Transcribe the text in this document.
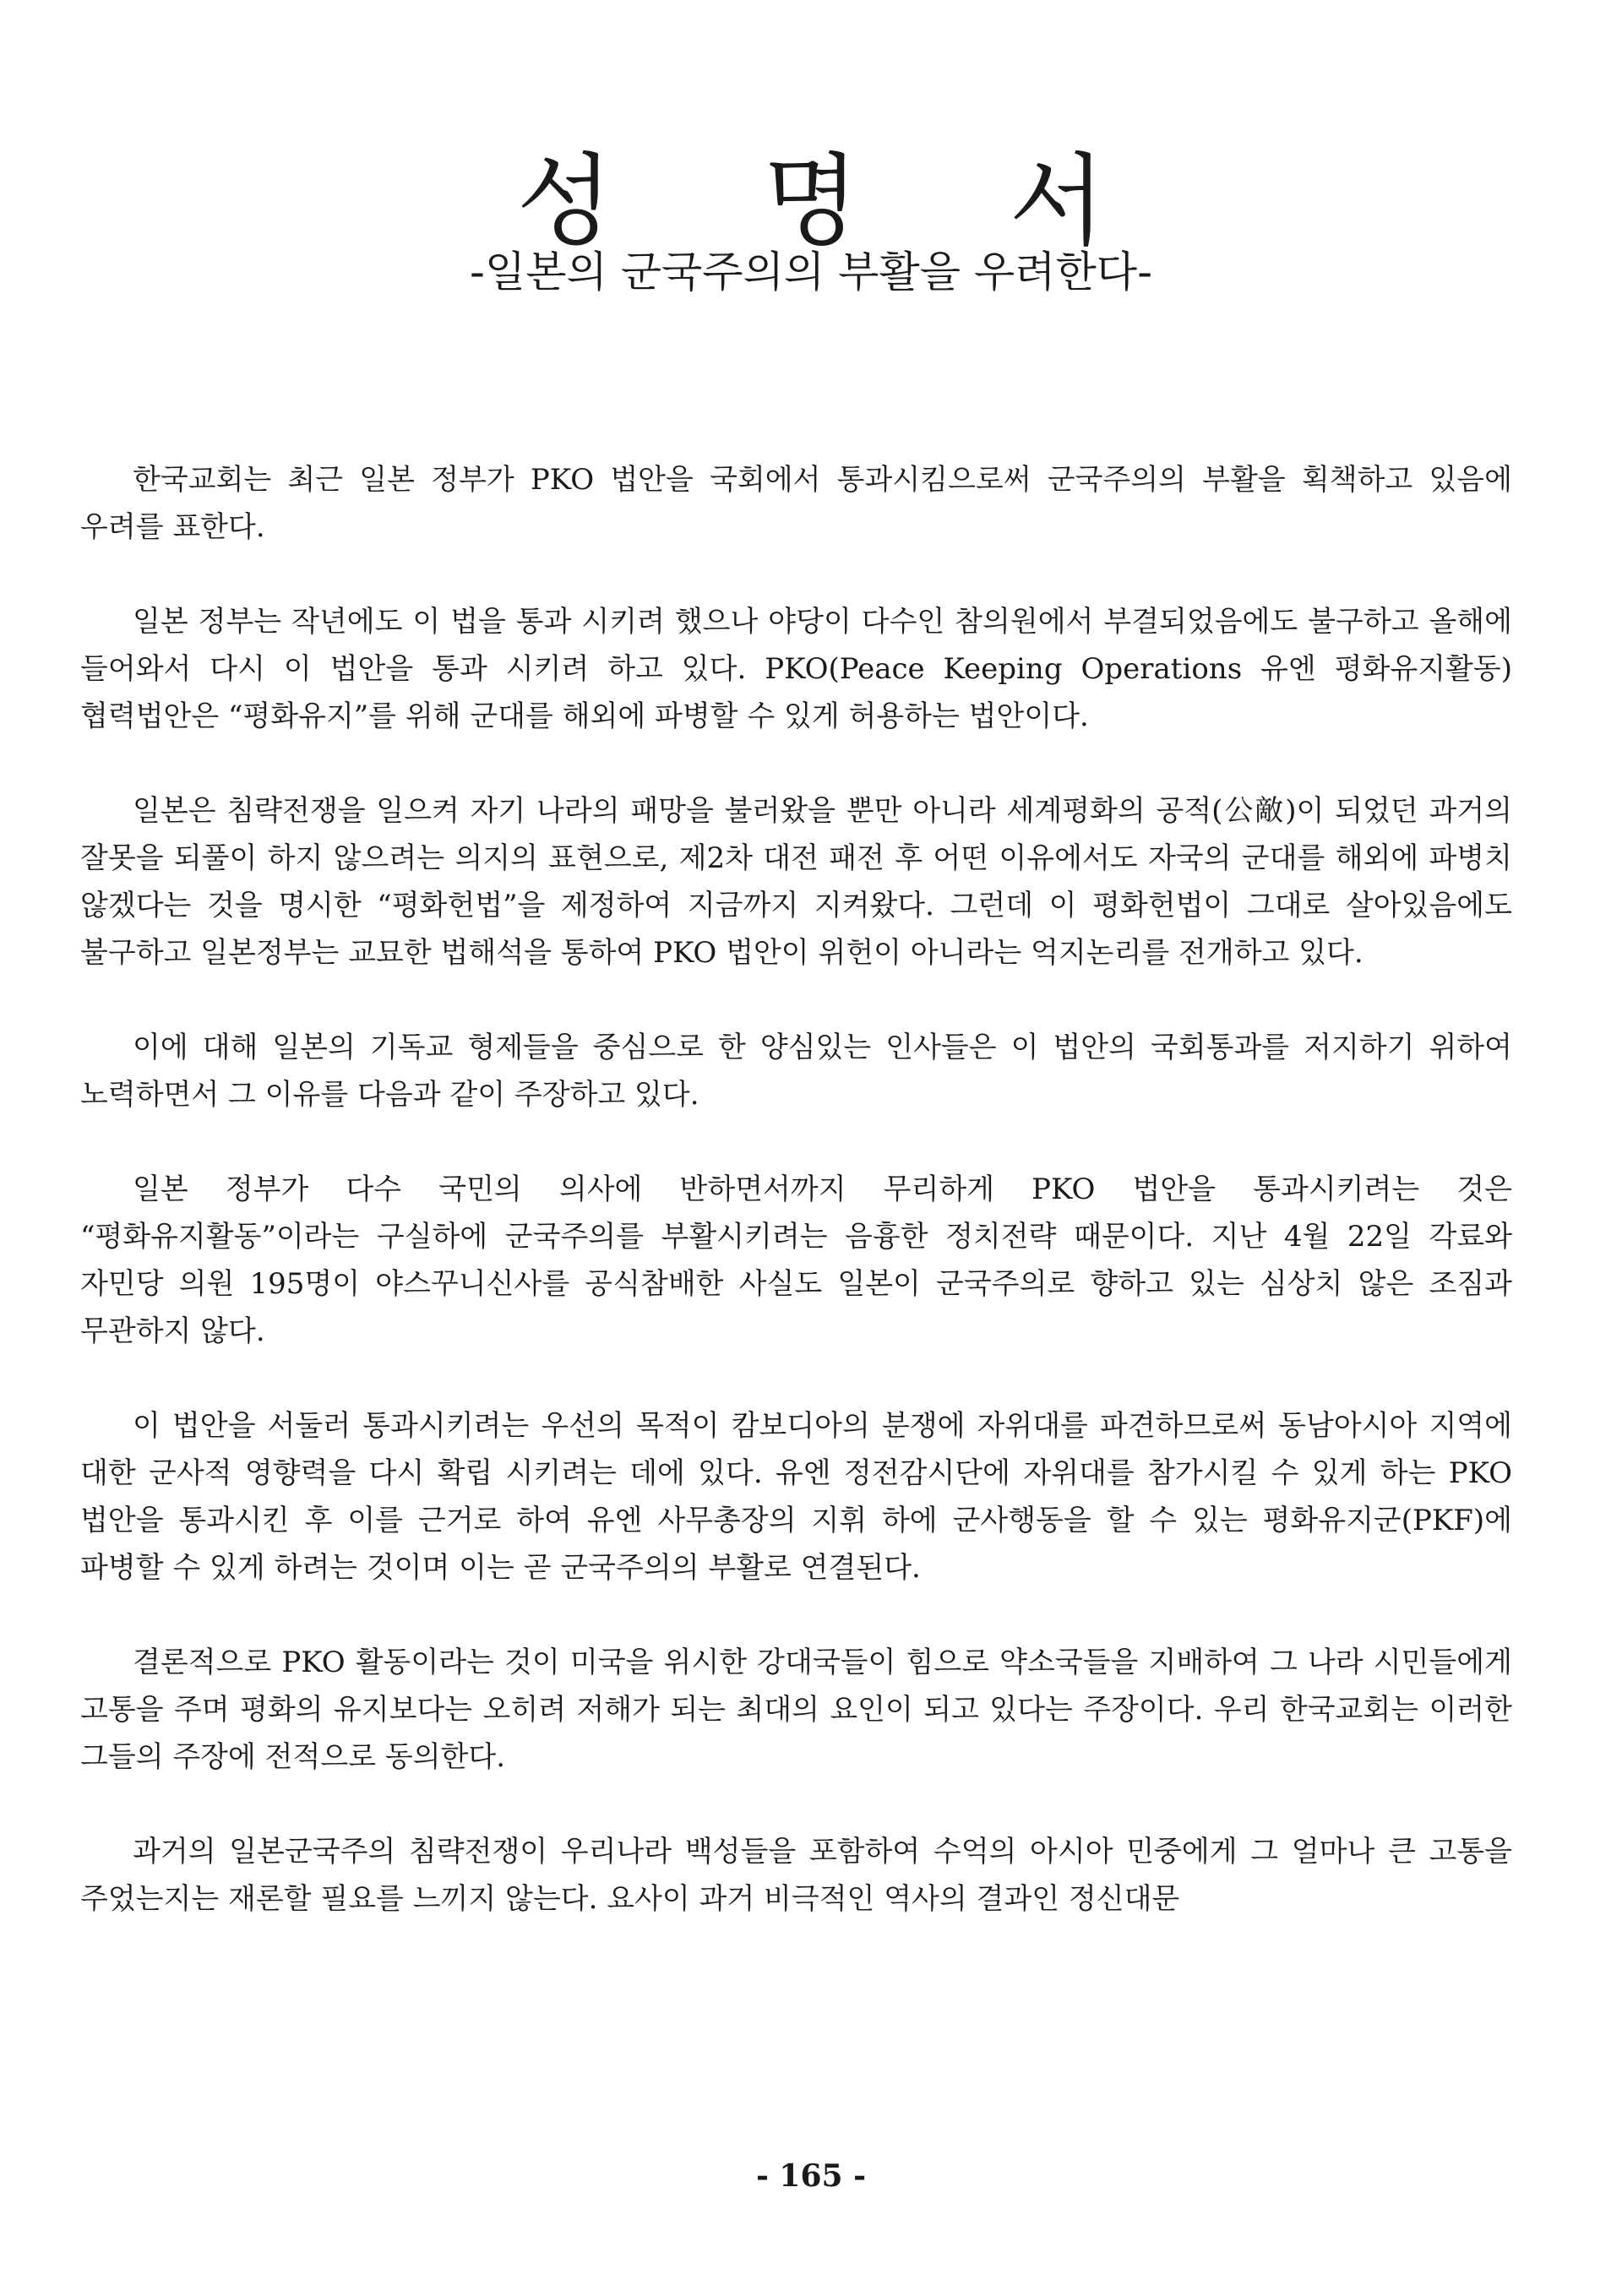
성 명 서
-일본의 군국주의의 부활을 우려한다-

한국교회는 최근 일본 정부가 PKO 법안을 국회에서 통과시킴으로써 군국주의의 부활을 획책하고 있음에 우려를 표한다.

일본 정부는 작년에도 이 법을 통과 시키려 했으나 야당이 다수인 참의원에서 부결되었음에도 불구하고 올해에 들어와서 다시 이 법안을 통과 시키려 하고 있다. PKO(Peace Keeping Operations 유엔 평화유지활동) 협력법안은 “평화유지”를 위해 군대를 해외에 파병할 수 있게 허용하는 법안이다.

일본은 침략전쟁을 일으켜 자기 나라의 패망을 불러왔을 뿐만 아니라 세계평화의 공적(公敵)이 되었던 과거의 잘못을 되풀이 하지 않으려는 의지의 표현으로, 제2차 대전 패전 후 어떤 이유에서도 자국의 군대를 해외에 파병치 않겠다는 것을 명시한 “평화헌법”을 제정하여 지금까지 지켜왔다. 그런데 이 평화헌법이 그대로 살아있음에도 불구하고 일본정부는 교묘한 법해석을 통하여 PKO 법안이 위헌이 아니라는 억지논리를 전개하고 있다.

이에 대해 일본의 기독교 형제들을 중심으로 한 양심있는 인사들은 이 법안의 국회통과를 저지하기 위하여 노력하면서 그 이유를 다음과 같이 주장하고 있다.

일본 정부가 다수 국민의 의사에 반하면서까지 무리하게 PKO 법안을 통과시키려는 것은 “평화유지활동”이라는 구실하에 군국주의를 부활시키려는 음흉한 정치전략 때문이다. 지난 4월 22일 각료와 자민당 의원 195명이 야스꾸니신사를 공식참배한 사실도 일본이 군국주의로 향하고 있는 심상치 않은 조짐과 무관하지 않다.

이 법안을 서둘러 통과시키려는 우선의 목적이 캄보디아의 분쟁에 자위대를 파견하므로써 동남아시아 지역에 대한 군사적 영향력을 다시 확립 시키려는 데에 있다. 유엔 정전감시단에 자위대를 참가시킬 수 있게 하는 PKO 법안을 통과시킨 후 이를 근거로 하여 유엔 사무총장의 지휘 하에 군사행동을 할 수 있는 평화유지군(PKF)에 파병할 수 있게 하려는 것이며 이는 곧 군국주의의 부활로 연결된다.

결론적으로 PKO 활동이라는 것이 미국을 위시한 강대국들이 힘으로 약소국들을 지배하여 그 나라 시민들에게 고통을 주며 평화의 유지보다는 오히려 저해가 되는 최대의 요인이 되고 있다는 주장이다. 우리 한국교회는 이러한 그들의 주장에 전적으로 동의한다.

과거의 일본군국주의 침략전쟁이 우리나라 백성들을 포함하여 수억의 아시아 민중에게 그 얼마나 큰 고통을 주었는지는 재론할 필요를 느끼지 않는다. 요사이 과거 비극적인 역사의 결과인 정신대문

- 165 -
